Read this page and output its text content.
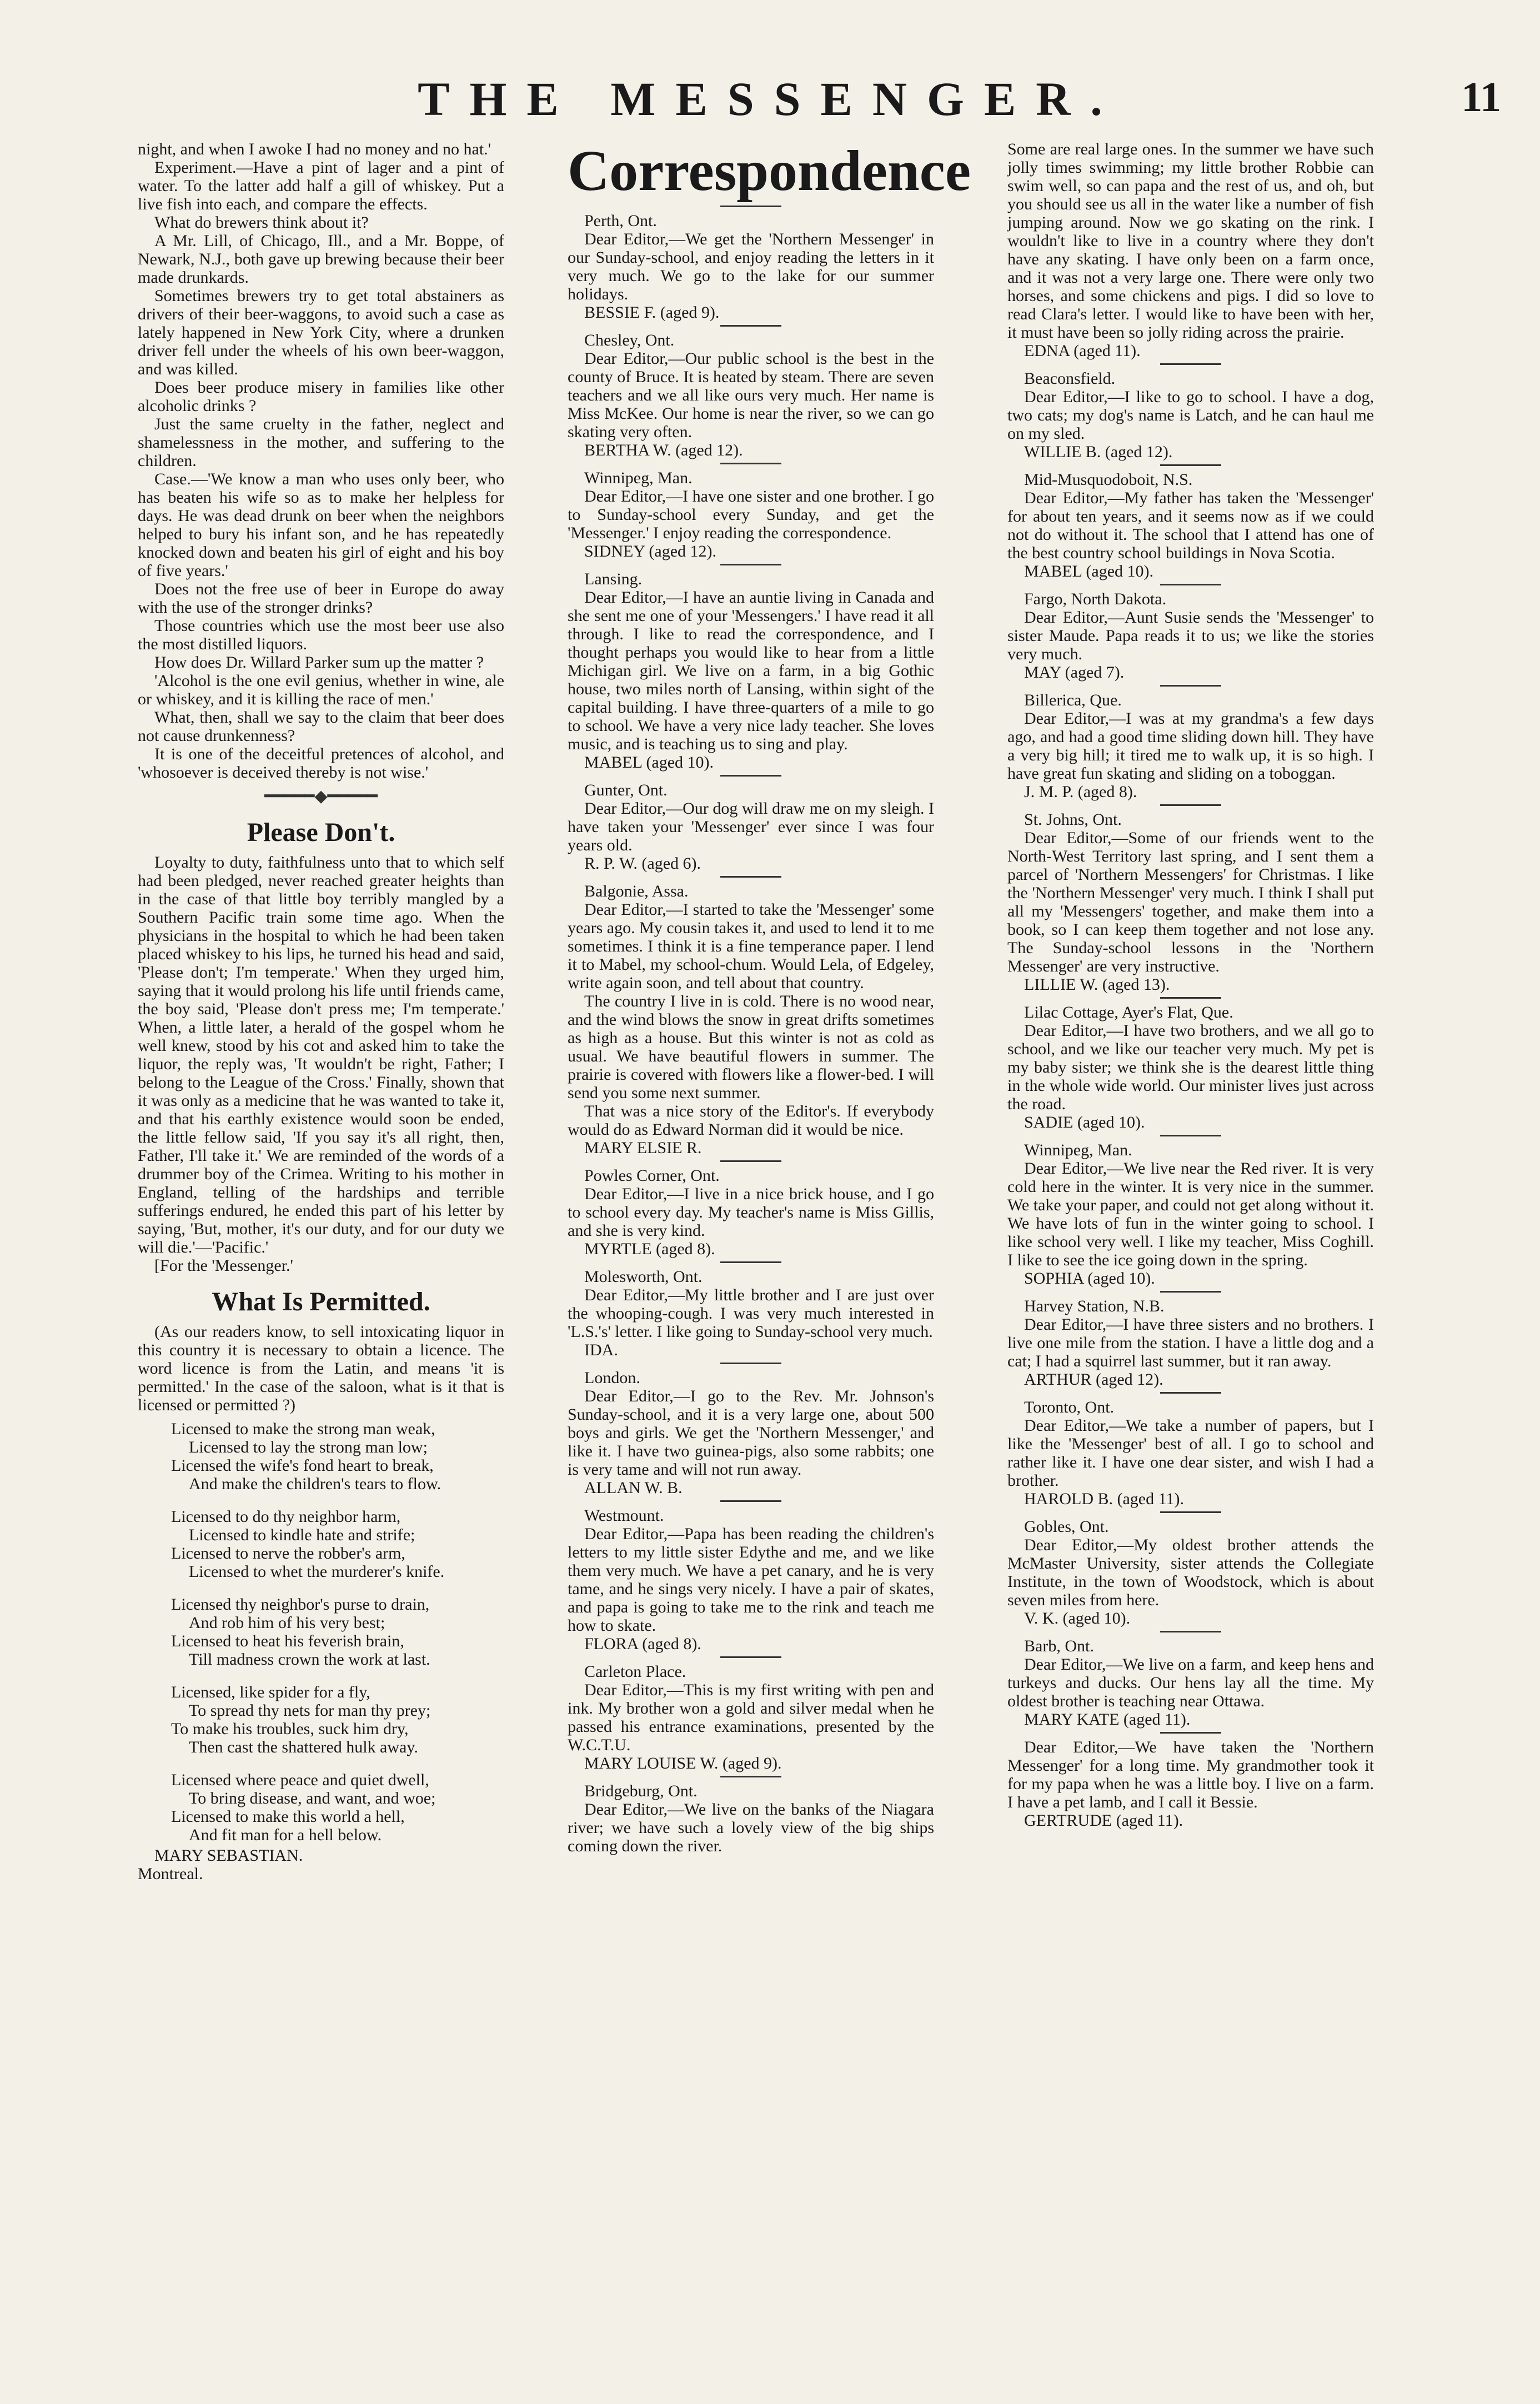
THE MESSENGER.	11

night, and when I awoke I had no money and no hat.'

Experiment.—Have a pint of lager and a pint of water. To the latter add half a gill of whiskey. Put a live fish into each, and compare the effects.

What do brewers think about it?

A Mr. Lill, of Chicago, Ill., and a Mr. Boppe, of Newark, N.J., both gave up brewing because their beer made drunkards.

Sometimes brewers try to get total abstainers as drivers of their beer-waggons, to avoid such a case as lately happened in New York City, where a drunken driver fell under the wheels of his own beer-waggon, and was killed.

Does beer produce misery in families like other alcoholic drinks ?

Just the same cruelty in the father, neglect and shamelessness in the mother, and suffering to the children.

Case.—'We know a man who uses only beer, who has beaten his wife so as to make her helpless for days. He was dead drunk on beer when the neighbors helped to bury his infant son, and he has repeatedly knocked down and beaten his girl of eight and his boy of five years.'

Does not the free use of beer in Europe do away with the use of the stronger drinks?

Those countries which use the most beer use also the most distilled liquors.

How does Dr. Willard Parker sum up the matter ?

'Alcohol is the one evil genius, whether in wine, ale or whiskey, and it is killing the race of men.'

What, then, shall we say to the claim that beer does not cause drunkenness?

It is one of the deceitful pretences of alcohol, and 'whosoever is deceived thereby is not wise.'

━━━━━◆━━━━━
Please Don't.

Loyalty to duty, faithfulness unto that to which self had been pledged, never reached greater heights than in the case of that little boy terribly mangled by a Southern Pacific train some time ago. When the physicians in the hospital to which he had been taken placed whiskey to his lips, he turned his head and said, 'Please don't; I'm temperate.' When they urged him, saying that it would prolong his life until friends came, the boy said, 'Please don't press me; I'm temperate.' When, a little later, a herald of the gospel whom he well knew, stood by his cot and asked him to take the liquor, the reply was, 'It wouldn't be right, Father; I belong to the League of the Cross.' Finally, shown that it was only as a medicine that he was wanted to take it, and that his earthly existence would soon be ended, the little fellow said, 'If you say it's all right, then, Father, I'll take it.' We are reminded of the words of a drummer boy of the Crimea. Writing to his mother in England, telling of the hardships and terrible sufferings endured, he ended this part of his letter by saying, 'But, mother, it's our duty, and for our duty we will die.'—'Pacific.'

[For the 'Messenger.'

What Is Permitted.

(As our readers know, to sell intoxicating liquor in this country it is necessary to obtain a licence. The word licence is from the Latin, and means 'it is permitted.' In the case of the saloon, what is it that is licensed or permitted ?)

Licensed to make the strong man weak,

Licensed to lay the strong man low;

Licensed the wife's fond heart to break,

And make the children's tears to flow.

Licensed to do thy neighbor harm,

Licensed to kindle hate and strife;

Licensed to nerve the robber's arm,

Licensed to whet the murderer's knife.

Licensed thy neighbor's purse to drain,

And rob him of his very best;

Licensed to heat his feverish brain,

Till madness crown the work at last.

Licensed, like spider for a fly,

To spread thy nets for man thy prey;

To make his troubles, suck him dry,

Then cast the shattered hulk away.

Licensed where peace and quiet dwell,

To bring disease, and want, and woe;

Licensed to make this world a hell,

And fit man for a hell below.

MARY SEBASTIAN.

Montreal.

Correspondence

Perth, Ont.

Dear Editor,—We get the 'Northern Messenger' in our Sunday-school, and enjoy reading the letters in it very much. We go to the lake for our summer holidays.

BESSIE F. (aged 9).

Chesley, Ont.

Dear Editor,—Our public school is the best in the county of Bruce. It is heated by steam. There are seven teachers and we all like ours very much. Her name is Miss McKee. Our home is near the river, so we can go skating very often.

BERTHA W. (aged 12).

Winnipeg, Man.

Dear Editor,—I have one sister and one brother. I go to Sunday-school every Sunday, and get the 'Messenger.' I enjoy reading the correspondence.

SIDNEY (aged 12).

Lansing.

Dear Editor,—I have an auntie living in Canada and she sent me one of your 'Messengers.' I have read it all through. I like to read the correspondence, and I thought perhaps you would like to hear from a little Michigan girl. We live on a farm, in a big Gothic house, two miles north of Lansing, within sight of the capital building. I have three-quarters of a mile to go to school. We have a very nice lady teacher. She loves music, and is teaching us to sing and play.

MABEL (aged 10).

Gunter, Ont.

Dear Editor,—Our dog will draw me on my sleigh. I have taken your 'Messenger' ever since I was four years old.

R. P. W. (aged 6).

Balgonie, Assa.

Dear Editor,—I started to take the 'Messenger' some years ago. My cousin takes it, and used to lend it to me sometimes. I think it is a fine temperance paper. I lend it to Mabel, my school-chum. Would Lela, of Edgeley, write again soon, and tell about that country.

The country I live in is cold. There is no wood near, and the wind blows the snow in great drifts sometimes as high as a house. But this winter is not as cold as usual. We have beautiful flowers in summer. The prairie is covered with flowers like a flower-bed. I will send you some next summer.

That was a nice story of the Editor's. If everybody would do as Edward Norman did it would be nice.

MARY ELSIE R.

Powles Corner, Ont.

Dear Editor,—I live in a nice brick house, and I go to school every day. My teacher's name is Miss Gillis, and she is very kind.

MYRTLE (aged 8).

Molesworth, Ont.

Dear Editor,—My little brother and I are just over the whooping-cough. I was very much interested in 'L.S.'s' letter. I like going to Sunday-school very much.

IDA.

London.

Dear Editor,—I go to the Rev. Mr. Johnson's Sunday-school, and it is a very large one, about 500 boys and girls. We get the 'Northern Messenger,' and like it. I have two guinea-pigs, also some rabbits; one is very tame and will not run away.

ALLAN W. B.

Westmount.

Dear Editor,—Papa has been reading the children's letters to my little sister Edythe and me, and we like them very much. We have a pet canary, and he is very tame, and he sings very nicely. I have a pair of skates, and papa is going to take me to the rink and teach me how to skate.

FLORA (aged 8).

Carleton Place.

Dear Editor,—This is my first writing with pen and ink. My brother won a gold and silver medal when he passed his entrance examinations, presented by the W.C.T.U.

MARY LOUISE W. (aged 9).

Bridgeburg, Ont.

Dear Editor,—We live on the banks of the Niagara river; we have such a lovely view of the big ships coming down the river.

Some are real large ones. In the summer we have such jolly times swimming; my little brother Robbie can swim well, so can papa and the rest of us, and oh, but you should see us all in the water like a number of fish jumping around. Now we go skating on the rink. I wouldn't like to live in a country where they don't have any skating. I have only been on a farm once, and it was not a very large one. There were only two horses, and some chickens and pigs. I did so love to read Clara's letter. I would like to have been with her, it must have been so jolly riding across the prairie.

EDNA (aged 11).

Beaconsfield.

Dear Editor,—I like to go to school. I have a dog, two cats; my dog's name is Latch, and he can haul me on my sled.

WILLIE B. (aged 12).

Mid-Musquodoboit, N.S.

Dear Editor,—My father has taken the 'Messenger' for about ten years, and it seems now as if we could not do without it. The school that I attend has one of the best country school buildings in Nova Scotia.

MABEL (aged 10).

Fargo, North Dakota.

Dear Editor,—Aunt Susie sends the 'Messenger' to sister Maude. Papa reads it to us; we like the stories very much.

MAY (aged 7).

Billerica, Que.

Dear Editor,—I was at my grandma's a few days ago, and had a good time sliding down hill. They have a very big hill; it tired me to walk up, it is so high. I have great fun skating and sliding on a toboggan.

J. M. P. (aged 8).

St. Johns, Ont.

Dear Editor,—Some of our friends went to the North-West Territory last spring, and I sent them a parcel of 'Northern Messengers' for Christmas. I like the 'Northern Messenger' very much. I think I shall put all my 'Messengers' together, and make them into a book, so I can keep them together and not lose any. The Sunday-school lessons in the 'Northern Messenger' are very instructive.

LILLIE W. (aged 13).

Lilac Cottage, Ayer's Flat, Que.

Dear Editor,—I have two brothers, and we all go to school, and we like our teacher very much. My pet is my baby sister; we think she is the dearest little thing in the whole wide world. Our minister lives just across the road.

SADIE (aged 10).

Winnipeg, Man.

Dear Editor,—We live near the Red river. It is very cold here in the winter. It is very nice in the summer. We take your paper, and could not get along without it. We have lots of fun in the winter going to school. I like school very well. I like my teacher, Miss Coghill. I like to see the ice going down in the spring.

SOPHIA (aged 10).

Harvey Station, N.B.

Dear Editor,—I have three sisters and no brothers. I live one mile from the station. I have a little dog and a cat; I had a squirrel last summer, but it ran away.

ARTHUR (aged 12).

Toronto, Ont.

Dear Editor,—We take a number of papers, but I like the 'Messenger' best of all. I go to school and rather like it. I have one dear sister, and wish I had a brother.

HAROLD B. (aged 11).

Gobles, Ont.

Dear Editor,—My oldest brother attends the McMaster University, sister attends the Collegiate Institute, in the town of Woodstock, which is about seven miles from here.

V. K. (aged 10).

Barb, Ont.

Dear Editor,—We live on a farm, and keep hens and turkeys and ducks. Our hens lay all the time. My oldest brother is teaching near Ottawa.

MARY KATE (aged 11).

Dear Editor,—We have taken the 'Northern Messenger' for a long time. My grandmother took it for my papa when he was a little boy. I live on a farm. I have a pet lamb, and I call it Bessie.

GERTRUDE (aged 11).
